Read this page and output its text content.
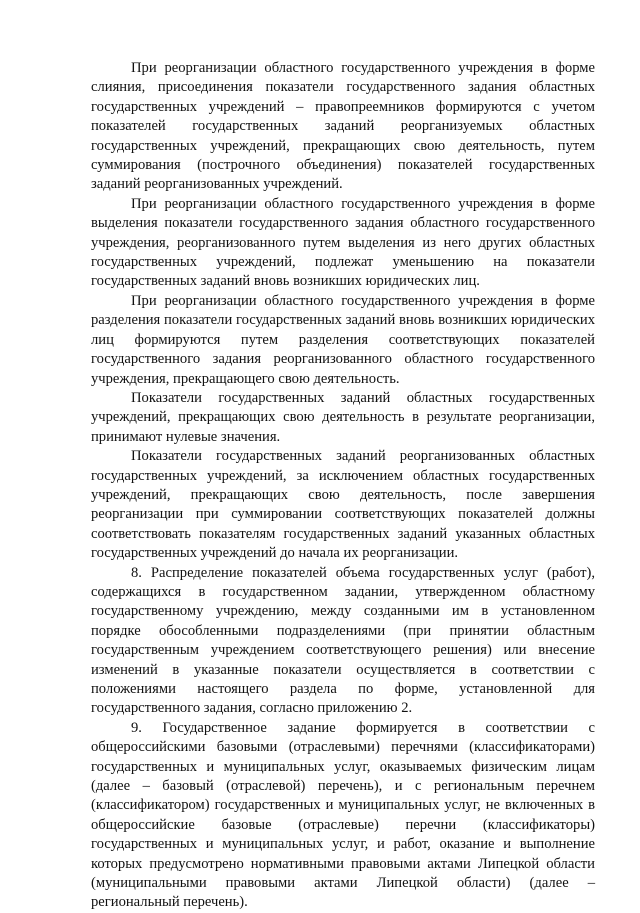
При реорганизации областного государственного учреждения в форме слияния, присоединения показатели государственного задания областных государственных учреждений – правопреемников формируются с учетом показателей государственных заданий реорганизуемых областных государственных учреждений, прекращающих свою деятельность, путем суммирования (построчного объединения) показателей государственных заданий реорганизованных учреждений.

При реорганизации областного государственного учреждения в форме выделения показатели государственного задания областного государственного учреждения, реорганизованного путем выделения из него других областных государственных учреждений, подлежат уменьшению на показатели государственных заданий вновь возникших юридических лиц.

При реорганизации областного государственного учреждения в форме разделения показатели государственных заданий вновь возникших юридических лиц формируются путем разделения соответствующих показателей государственного задания реорганизованного областного государственного учреждения, прекращающего свою деятельность.

Показатели государственных заданий областных государственных учреждений, прекращающих свою деятельность в результате реорганизации, принимают нулевые значения.

Показатели государственных заданий реорганизованных областных государственных учреждений, за исключением областных государственных учреждений, прекращающих свою деятельность, после завершения реорганизации при суммировании соответствующих показателей должны соответствовать показателям государственных заданий указанных областных государственных учреждений до начала их реорганизации.

8. Распределение показателей объема государственных услуг (работ), содержащихся в государственном задании, утвержденном областному государственному учреждению, между созданными им в установленном порядке обособленными подразделениями (при принятии областным государственным учреждением соответствующего решения) или внесение изменений в указанные показатели осуществляется в соответствии с положениями настоящего раздела по форме, установленной для государственного задания, согласно приложению 2.

9. Государственное задание формируется в соответствии с общероссийскими базовыми (отраслевыми) перечнями (классификаторами) государственных и муниципальных услуг, оказываемых физическим лицам (далее – базовый (отраслевой) перечень), и с региональным перечнем (классификатором) государственных и муниципальных услуг, не включенных в общероссийские базовые (отраслевые) перечни (классификаторы) государственных и муниципальных услуг, и работ, оказание и выполнение которых предусмотрено нормативными правовыми актами Липецкой области (муниципальными правовыми актами Липецкой области) (далее – региональный перечень).
